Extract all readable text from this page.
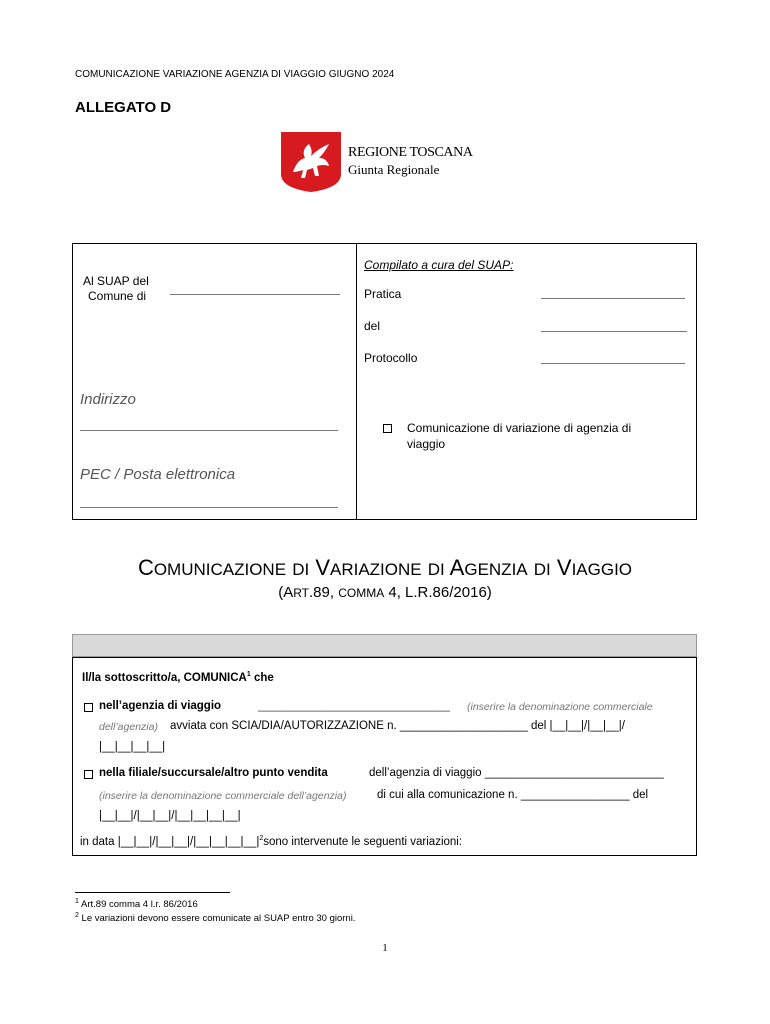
COMUNICAZIONE VARIAZIONE AGENZIA DI VIAGGIO GIUGNO 2024
ALLEGATO D
REGIONE TOSCANA
Giunta Regionale
Al SUAP del
Comune di
Indirizzo
PEC / Posta elettronica
Compilato a cura del SUAP:
Pratica
del
Protocollo
Comunicazione di variazione di agenzia di
viaggio
COMUNICAZIONE DI VARIAZIONE DI AGENZIA DI VIAGGIO
(ART.89, COMMA 4, L.R.86/2016)
Il/la sottoscritto/a, COMUNICA$^1$ che
nell’agenzia di viaggio	______________________________ (inserire la denominazione commerciale
dell’agenzia) avviata con SCIA/DIA/AUTORIZZAZIONE n. ____________________ del |__|__|/|__|__|/
|__|__|__|__|
nella filiale/succursale/altro punto vendita	dell’agenzia di viaggio ____________________________
(inserire la denominazione commerciale dell’agenzia)	di cui alla comunicazione n. _________________ del
|__|__|/|__|__|/|__|__|__|__|
in data |__|__|/|__|__|/|__|__|__|__|$^2$sono intervenute le seguenti variazioni:
$^1$ Art.89 comma 4 l.r. 86/2016
$^2$ Le variazioni devono essere comunicate al SUAP entro 30 giorni.
1
